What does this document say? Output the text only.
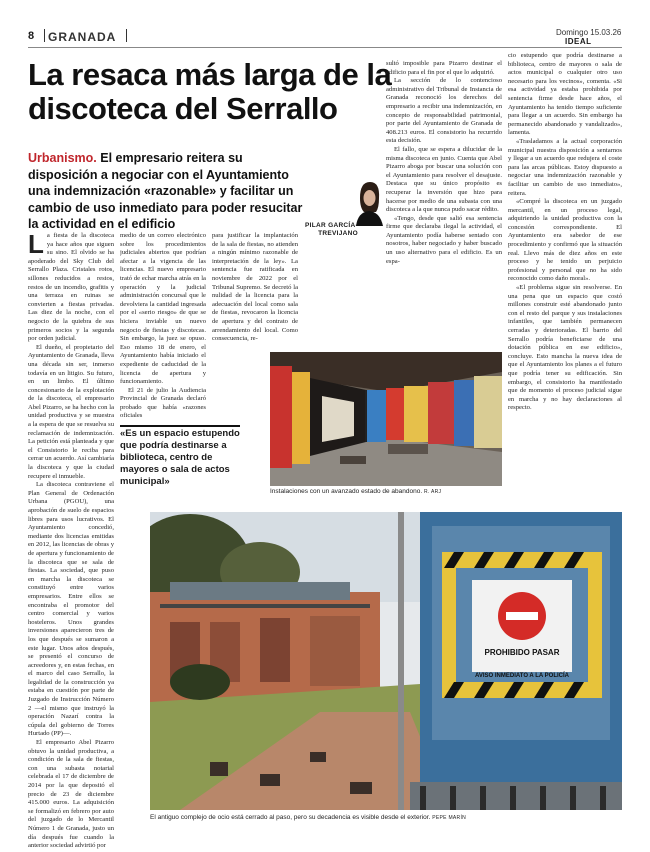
8 GRANADA	Domingo 15.03.26
IDEAL
La resaca más larga de la discoteca del Serrallo
Urbanismo. El empresario reitera su disposición a negociar con el Ayuntamiento una indemnización «razonable» y facilitar un cambio de uso inmediato para poder resucitar la actividad en el edificio	PILAR GARCÍA-TREVIJANO

La fiesta de la discoteca ya hace años que siguen su sino. El olvido se ha apoderado del Sky Club del Serrallo Plaza. Cristales rotos, sillones reducidos a restos, restos de un incendio, grafitis y una terraza en ruinas se convierten a fiestas privadas. Las diez de la noche, con el negocio de la quiebra de sus primeros socios y la segunda por orden judicial.

El dueño, el propietario del Ayuntamiento de Granada, lleva una década sin ser, inmerso todavía en un litigio. Su futuro, en un limbo. El último concesionario de la explotación de la discoteca, el empresario Abel Pizarro, se ha hecho con la unidad productiva y se muestra a la espera de que se resuelva su reclamación de indemnización. La petición está planteada y que el Consistorio le reciba para cerrar un acuerdo. Así cambiaría la discoteca y que la ciudad recupere el inmueble.

La discoteca contraviene el Plan General de Ordenación Urbana (PGOU), una aprobación de suelo de espacios libres para usos lucrativos. El Ayuntamiento concedió, mediante dos licencias emitidas en 2012, las licencias de obras y de apertura y funcionamiento de la discoteca que se sala de fiestas. La sociedad, que puso en marcha la discoteca se constituyó entre varios empresarios. Entre ellos se encontraba el promotor del centro comercial y varios hosteleros. Unos grandes inversiones aparecieron tres de los que después se sumaron a este lugar. Unos años después, se presentó el concurso de acreedores y, en estas fechas, en el marco del caso Serrallo, la legalidad de la construcción ya estaba en cuestión por parte de Juzgado de Instrucción Número 2 —el mismo que instruyó la operación Nazarí contra la cúpula del gobierno de Torres Hurtado (PP)—.

El empresario Abel Pizarro obtuvo la unidad productiva, a condición de la sala de fiestas, con una subasta notarial celebrada el 17 de diciembre de 2014 por la que depositó el precio de 23 de diciembre 415.000 euros. La adquisición se formalizó en febrero por auto del juzgado de lo Mercantil Número 1 de Granada, justo un día después fue cuando la anterior sociedad advirtió por

medio de un correo electrónico sobre los procedimientos judiciales abiertos que podrían afectar a la vigencia de las licencias. El nuevo empresario trató de echar marcha atrás en la operación y la judicial administración concursal que le devolviera la cantidad ingresada por el «serio riesgo» de que se hiciera inviable un nuevo negocio de fiestas y discotecas. Sin embargo, la juez se opuso. Eso mismo 18 de enero, el Ayuntamiento había iniciado el expediente de caducidad de la licencia de apertura y funcionamiento.

El 21 de julio la Audiencia Provincial de Granada declaró probado que había «razones oficiales

para justificar la implantación de la sala de fiestas, no atienden a ningún mínimo razonable de interpretación de la ley». La sentencia fue ratificada en noviembre de 2022 por el Tribunal Supremo. Se decretó la nulidad de la licencia para la adecuación del local como sala de fiestas, revocaron la licencia de apertura y del contrato de arrendamiento del local. Como consecuencia, re-

sultó imposible para Pizarro destinar el edificio para el fin por el que lo adquirió.

La sección de lo contencioso administrativo del Tribunal de Instancia de Granada reconoció los derechos del empresario a recibir una indemnización, en concepto de responsabilidad patrimonial, por parte del Ayuntamiento de Granada de 408.213 euros. El consistorio ha recurrido esta decisión.

El fallo, que se espera a dilucidar de la misma discoteca en junio. Cuenta que Abel Pizarro aboga por buscar una solución con el Ayuntamiento para resolver el desajuste. Destaca que su único propósito es recuperar la inversión que hizo para hacerse por medio de una subasta con una discoteca a la que nunca pudo sacar rédito.

«Tengo, desde que salió esa sentencia firme que declaraba ilegal la actividad, el Ayuntamiento podía haberse sentado con nosotros, haber negociado y haber buscado un uso alternativo para el edificio. Es un espa-

cio estupendo que podría destinarse a biblioteca, centro de mayores o sala de actos municipal o cualquier otro uso necesario para los vecinos», comenta. «Si esa actividad ya estaba prohibida por sentencia firme desde hace años, el Ayuntamiento ha tenido tiempo suficiente para llegar a un acuerdo. Sin embargo ha permanecido abandonado y vandalizado», lamenta.

«Trasladamos a la actual corporación municipal nuestra disposición a sentarnos y llegar a un acuerdo que redujera el coste para las arcas públicas. Estoy dispuesto a negociar una indemnización razonable y facilitar un cambio de uso inmediato», reitera.

«Compré la discoteca en un juzgado mercantil, en un proceso legal, adquiriendo la unidad productiva con la concesión correspondiente. El Ayuntamiento era sabedor de ese procedimiento y confirmó que la situación real. Llevo más de diez años en este proceso y he tenido un perjuicio profesional y personal que no ha sido reconocido como daño moral».

«El problema sigue sin resolverse. En una pena que un espacio que costó millones construir esté abandonado junto con el resto del parque y sus instalaciones infantiles, que también permanecen cerradas y deterioradas. El barrio del Serrallo podría beneficiarse de una dotación pública en ese edificio», concluye. Esto mancha la nueva idea de que el Ayuntamiento los planes a el futuro que podría tener su edificación. Sin embargo, el consistorio ha manifestado que de momento el proceso judicial sigue en marcha y no hay declaraciones al respecto.

«Es un espacio estupendo que podría destinarse a biblioteca, centro de mayores o sala de actos municipal»
Instalaciones con un avanzado estado de abandono. R. ARJ
PROHIBIDO PASAR
AVISO INMEDIATO A LA POLICÍA
El antiguo complejo de ocio está cerrado al paso, pero su decadencia es visible desde el exterior. PEPE MARÍN
